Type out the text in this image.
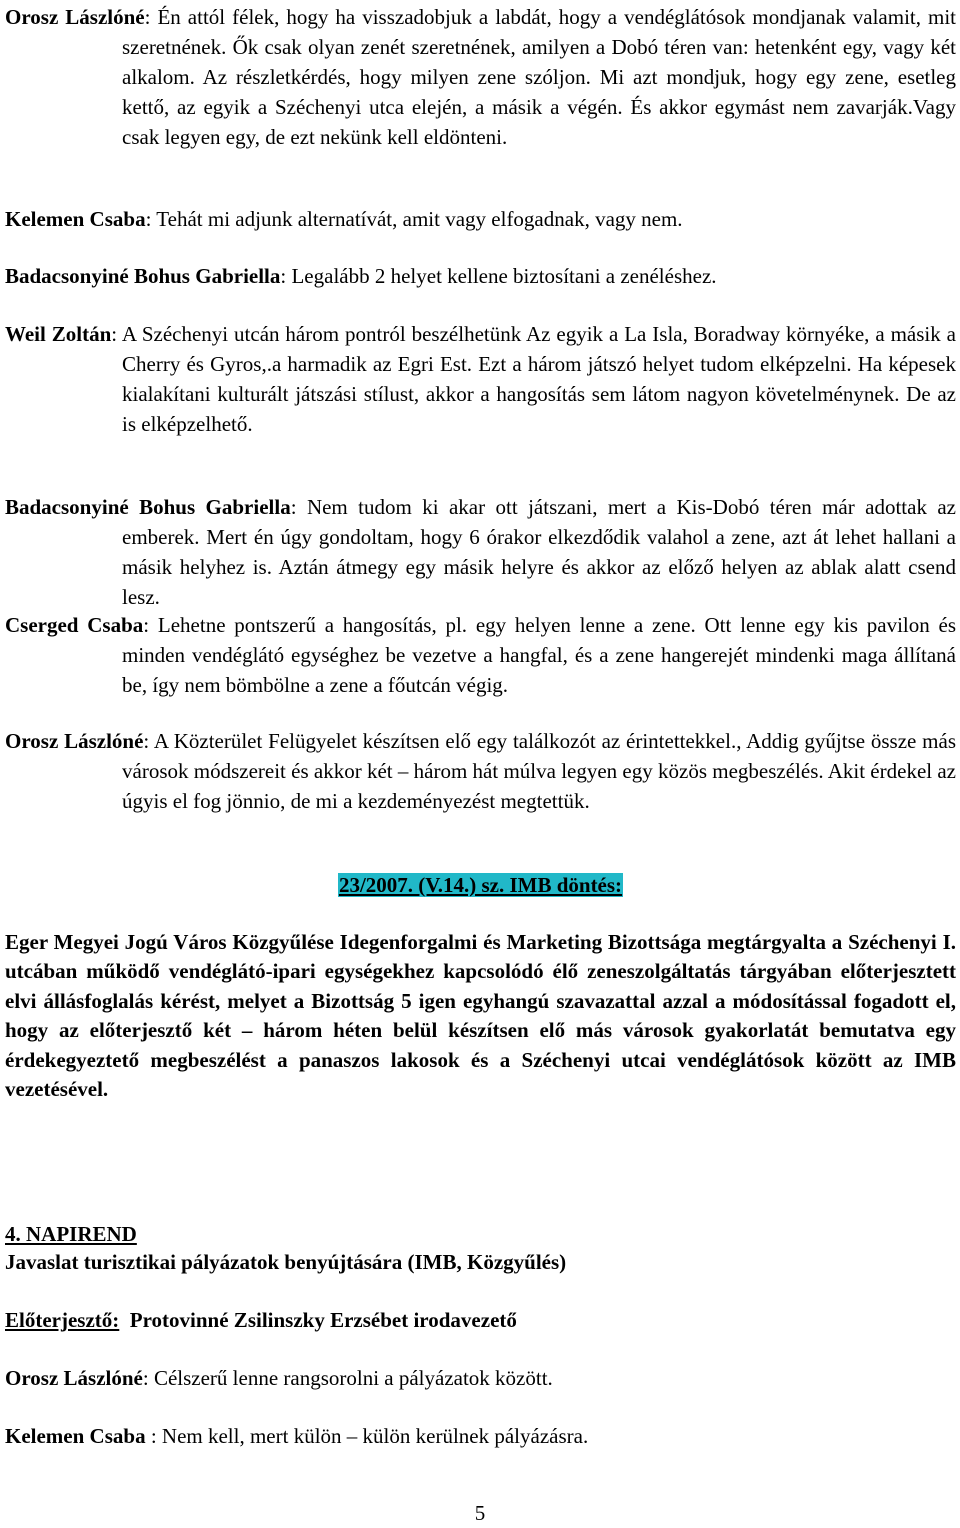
Orosz Lászlóné: Én attól félek, hogy ha visszadobjuk a labdát, hogy a vendéglátósok mondjanak valamit, mit szeretnének. Ők csak olyan zenét szeretnének, amilyen a Dobó téren van: hetenként egy, vagy két alkalom. Az részletkérdés, hogy milyen zene szóljon. Mi azt mondjuk, hogy egy zene, esetleg kettő, az egyik a Széchenyi utca elején, a másik a végén. És akkor egymást nem zavarják.Vagy csak legyen egy, de ezt nekünk kell eldönteni.

Kelemen Csaba: Tehát mi adjunk alternatívát, amit vagy elfogadnak, vagy nem.

Badacsonyiné Bohus Gabriella: Legalább 2 helyet kellene biztosítani a zenéléshez.

Weil Zoltán: A Széchenyi utcán három pontról beszélhetünk Az egyik a La Isla, Boradway környéke, a másik a Cherry és Gyros,.a harmadik az Egri Est. Ezt a három játszó helyet tudom elképzelni. Ha képesek kialakítani kulturált játszási stílust, akkor a hangosítás sem látom nagyon követelménynek. De az is elképzelhető.

Badacsonyiné Bohus Gabriella: Nem tudom ki akar ott játszani, mert a Kis-Dobó téren már adottak az emberek. Mert én úgy gondoltam, hogy 6 órakor elkezdődik valahol a zene, azt át lehet hallani a másik helyhez is. Aztán átmegy egy másik helyre és akkor az előző helyen az ablak alatt csend lesz.

Cserged Csaba: Lehetne pontszerű a hangosítás, pl. egy helyen lenne a zene. Ott lenne egy kis pavilon és minden vendéglátó egységhez be vezetve a hangfal, és a zene hangerejét mindenki maga állítaná be, így nem bömbölne a zene a főutcán végig.

Orosz Lászlóné: A Közterület Felügyelet készítsen elő egy találkozót az érintettekkel., Addig gyűjtse össze más városok módszereit és akkor két – három hát múlva legyen egy közös megbeszélés. Akit érdekel az úgyis el fog jönnio, de mi a kezdeményezést megtettük.

23/2007. (V.14.) sz. IMB döntés:

Eger Megyei Jogú Város Közgyűlése Idegenforgalmi és Marketing Bizottsága megtárgyalta a Széchenyi I. utcában működő vendéglátó-ipari egységekhez kapcsolódó élő zeneszolgáltatás tárgyában előterjesztett elvi állásfoglalás kérést, melyet a Bizottság 5 igen egyhangú szavazattal azzal a módosítással fogadott el, hogy az előterjesztő két – három héten belül készítsen elő más városok gyakorlatát bemutatva egy érdekegyeztető megbeszélést a panaszos lakosok és a Széchenyi utcai vendéglátósok között az IMB vezetésével.

4. NAPIREND
Javaslat turisztikai pályázatok benyújtására (IMB, Közgyűlés)
Előterjesztő:  Protovinné Zsilinszky Erzsébet irodavezető

Orosz Lászlóné: Célszerű lenne rangsorolni a pályázatok között.

Kelemen Csaba : Nem kell, mert külön – külön kerülnek pályázásra.

5
